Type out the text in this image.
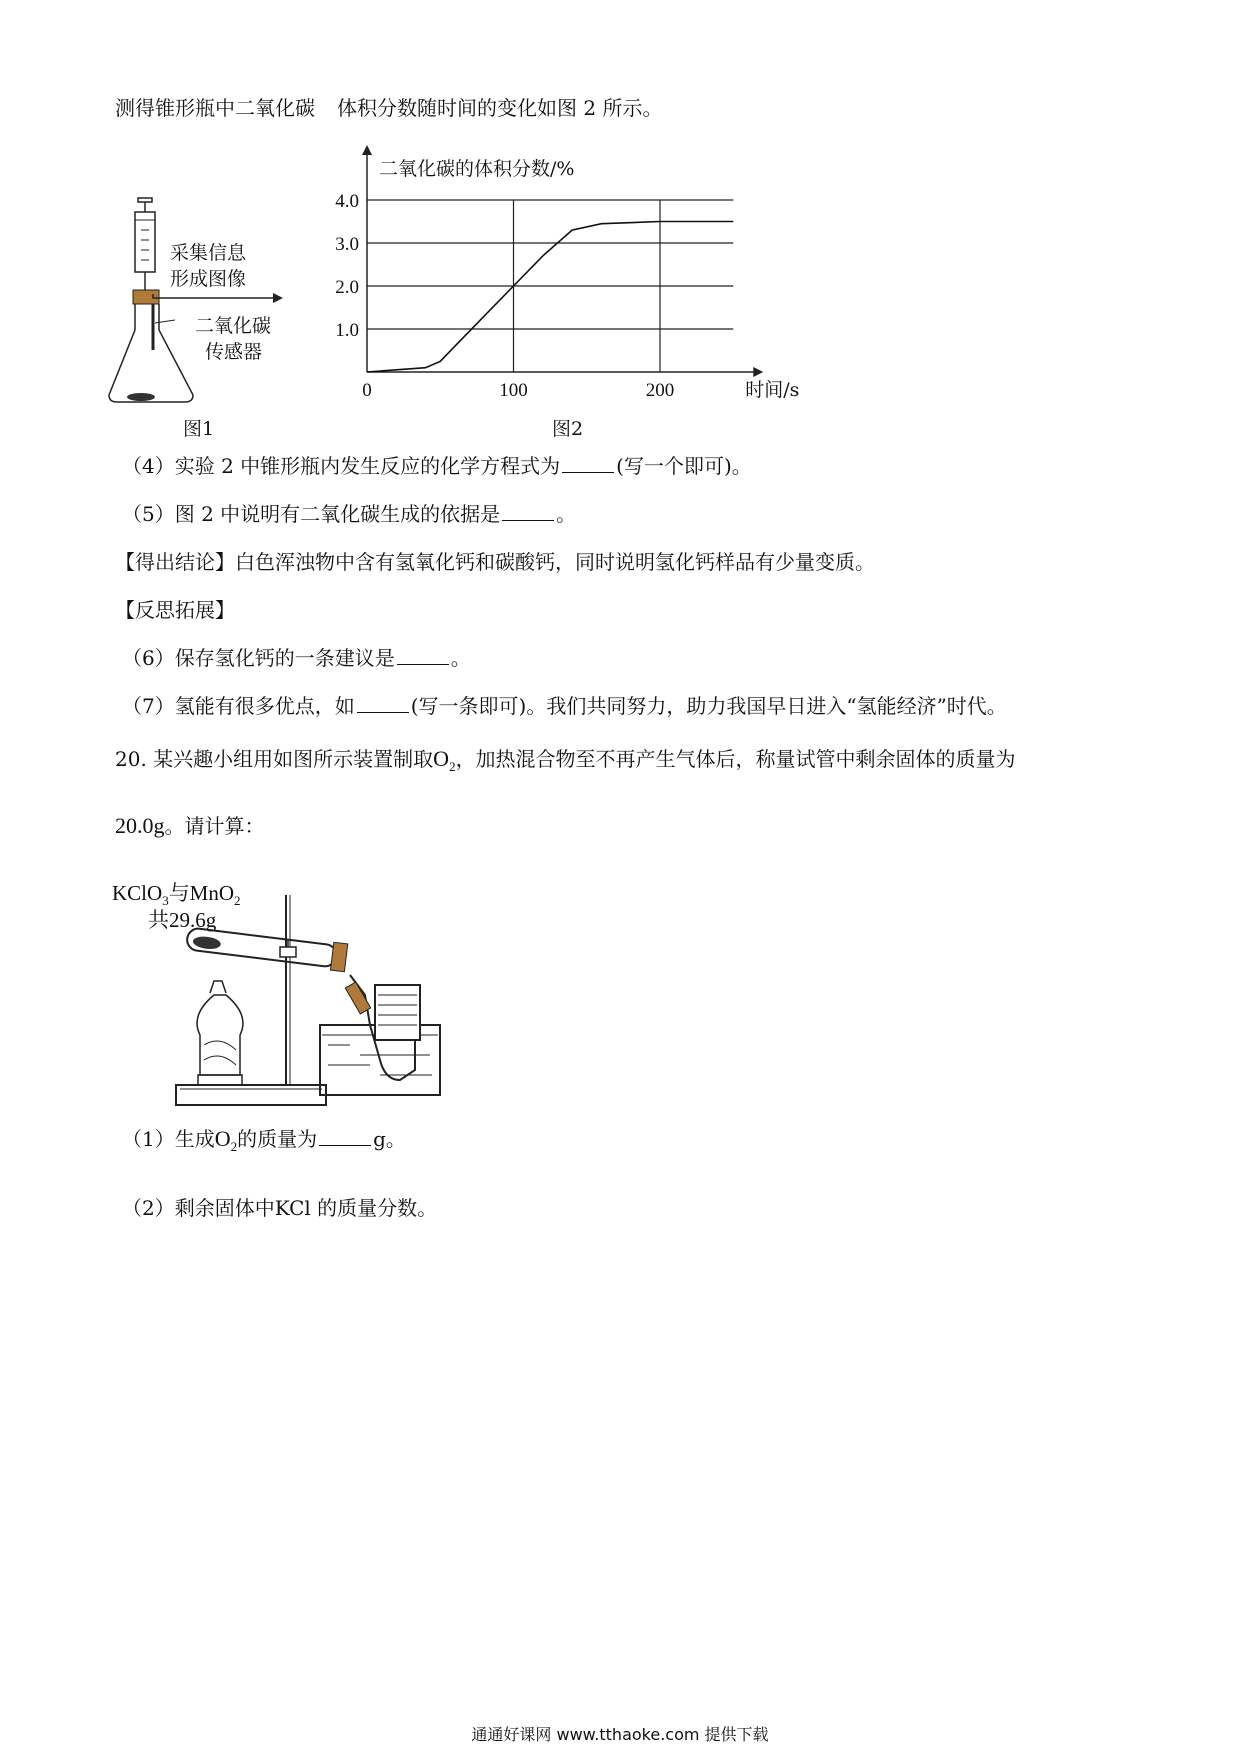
测得锥形瓶中二氧化碳 体积分数随时间的变化如图 2 所示。
采集信息
形成图像
二氧化碳
传感器
图1
1.0
2.0
3.0
4.0
0	100	200
二氧化碳的体积分数/%
时间/s
图2
（4）实验 2 中锥形瓶内发生反应的化学方程式为	(写一个即可)。
（5）图 2 中说明有二氧化碳生成的依据是	。
【得出结论】白色浑浊物中含有氢氧化钙和碳酸钙，同时说明氢化钙样品有少量变质。
【反思拓展】
（6）保存氢化钙的一条建议是	。
（7）氢能有很多优点，如	(写一条即可)。我们共同努力，助力我国早日进入“氢能经济”时代。
20. 某兴趣小组用如图所示装置制取$O_2$，加热混合物至不再产生气体后，称量试管中剩余固体的质量为
20.0g。请计算：
KClO$_3$与MnO$_2$
共29.6g
（1）生成$O_2$的质量为	g。
（2）剩余固体中KCl 的质量分数。
通通好课网 www.tthaoke.com 提供下载
